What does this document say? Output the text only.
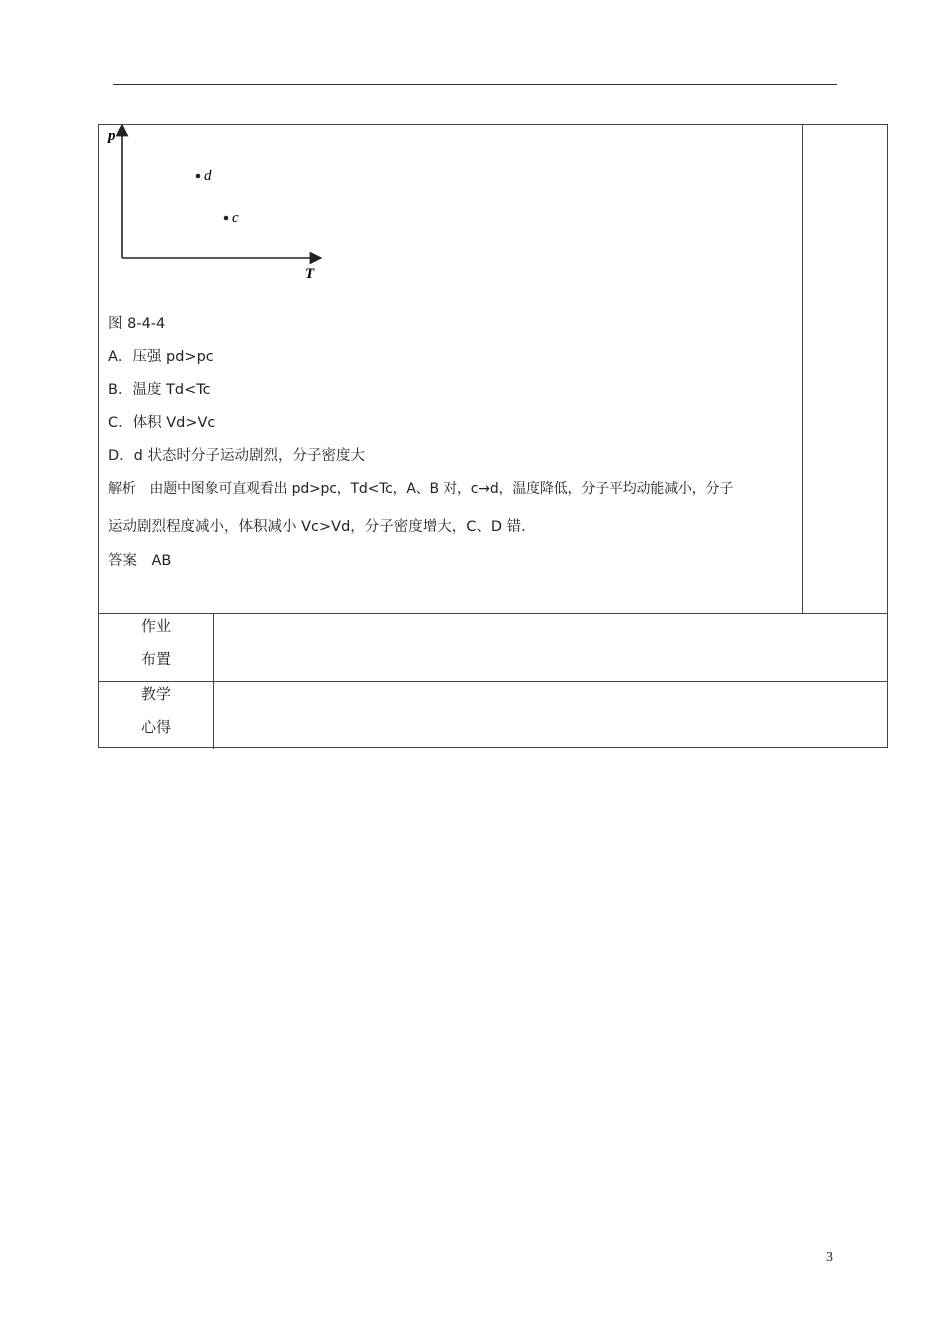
作业
布置
教学
心得
p
T
d
c
图 8-4-4
A．压强 pd>pc
B．温度 Td<Tc
C．体积 Vd>Vc
D．d 状态时分子运动剧烈，分子密度大
解析　由题中图象可直观看出 pd>pc，Td<Tc，A、B 对，c→d，温度降低，分子平均动能减小，分子
运动剧烈程度减小，体积减小 Vc>Vd，分子密度增大，C、D 错.
答案　AB
3
